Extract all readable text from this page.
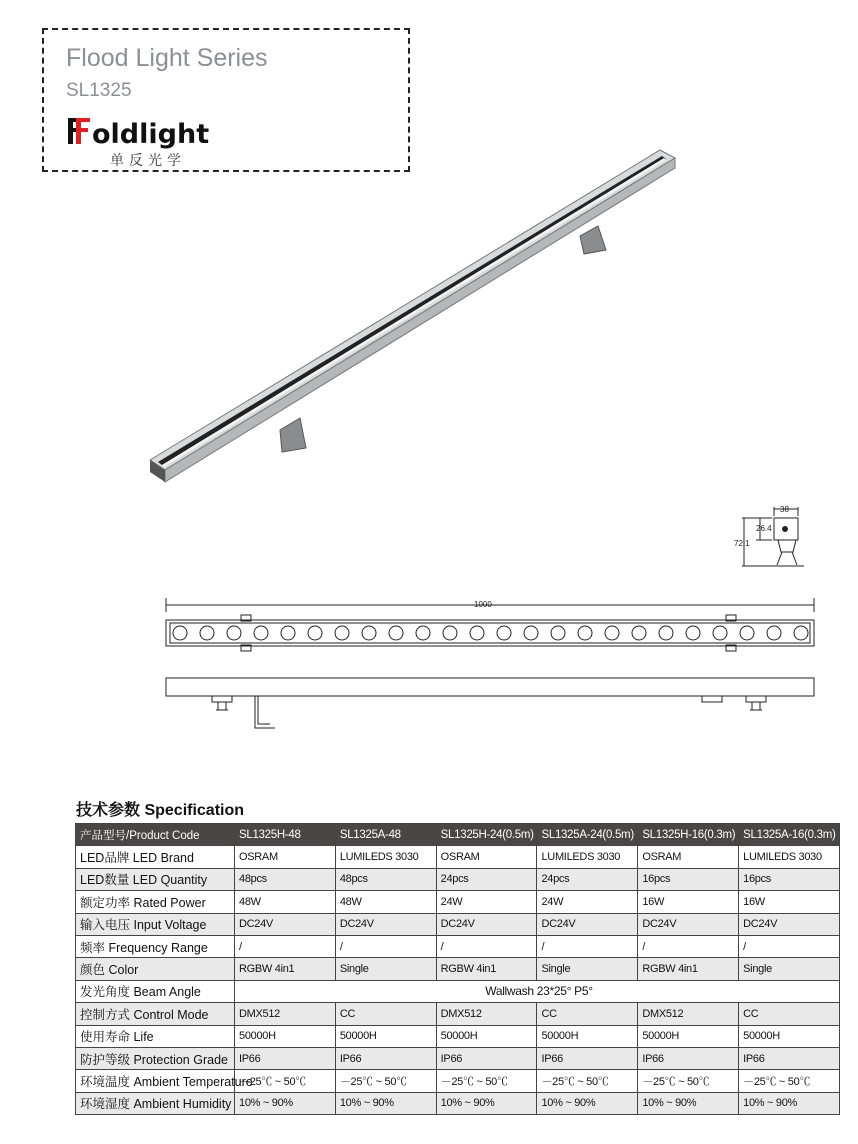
Flood Light Series
SL1325
oldlight
单反光学
38
26.4
72.1
1000
技术参数 Specification
产品型号/Product Code	SL1325H-48	SL1325A-48	SL1325H-24(0.5m)	SL1325A-24(0.5m)	SL1325H-16(0.3m)	SL1325A-16(0.3m)
LED品牌 LED Brand	OSRAM	LUMILEDS 3030	OSRAM	LUMILEDS 3030	OSRAM	LUMILEDS 3030
LED数量 LED Quantity	48pcs	48pcs	24pcs	24pcs	16pcs	16pcs
额定功率 Rated Power	48W	48W	24W	24W	16W	16W
输入电压 Input Voltage	DC24V	DC24V	DC24V	DC24V	DC24V	DC24V
频率 Frequency Range	/	/	/	/	/	/
颜色 Color	RGBW 4in1	Single	RGBW 4in1	Single	RGBW 4in1	Single
发光角度 Beam Angle	Wallwash 23*25° P5°					
控制方式 Control Mode	DMX512	CC	DMX512	CC	DMX512	CC
使用寿命 Life	50000H	50000H	50000H	50000H	50000H	50000H
防护等级 Protection Grade	IP66	IP66	IP66	IP66	IP66	IP66
环境温度 Ambient Temperature	－25℃ ~ 50℃	－25℃ ~ 50℃	－25℃ ~ 50℃	－25℃ ~ 50℃	－25℃ ~ 50℃	－25℃ ~ 50℃
环境湿度 Ambient Humidity	10% ~ 90%	10% ~ 90%	10% ~ 90%	10% ~ 90%	10% ~ 90%	10% ~ 90%
